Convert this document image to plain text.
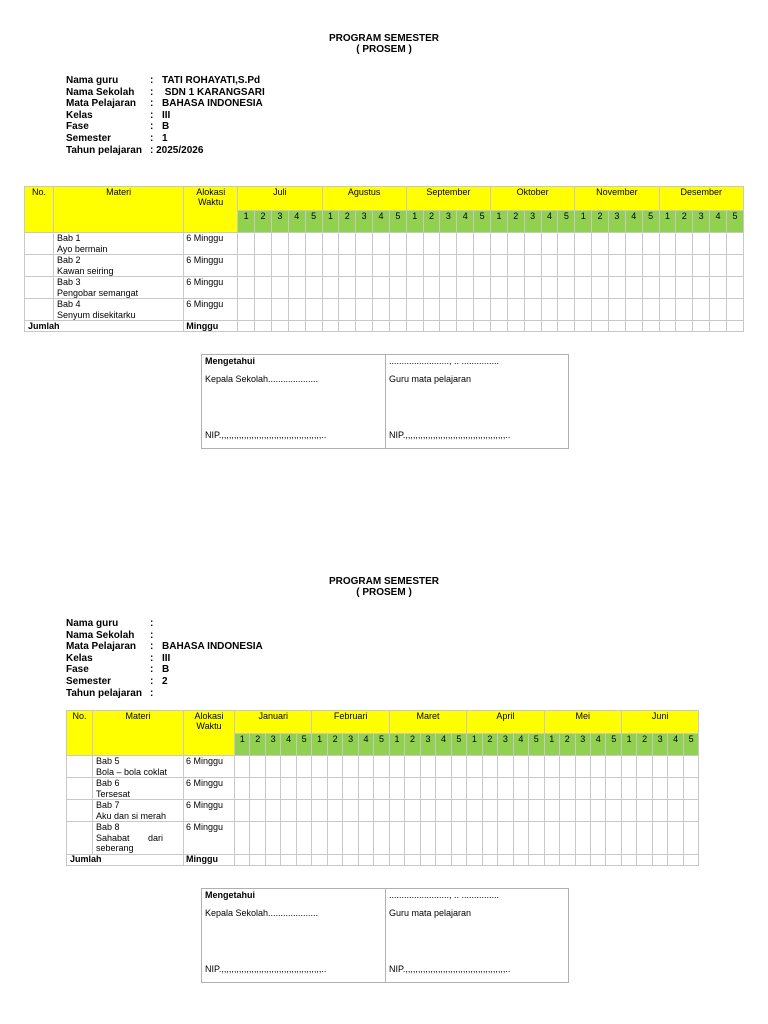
PROGRAM SEMESTER
( PROSEM )
Nama guru	: TATI ROHAYATI,S.Pd
Nama Sekolah	: SDN 1 KARANGSARI
Mata Pelajaran	: BAHASA INDONESIA
Kelas	: III
Fase	: B
Semester	: 1
Tahun pelajaran : 2025/2026
No.	Materi	Alokasi Waktu	Juli					Agustus					September					Oktober					November					Desember				
			1	2	3	4	5	1	2	3	4	5	1	2	3	4	5	1	2	3	4	5	1	2	3	4	5	1	2	3	4	5

	Bab 1
Ayo bermain	6 Minggu																														

	Bab 2
Kawan seiring	6 Minggu																														

	Bab 3
Pengobar semangat	6 Minggu																														

	Bab 4
Senyum disekitarku	6 Minggu																														
Jumlah		Minggu																														
Mengetahui
Kepala Sekolah....................
NIP.,,,,,,,,,,,,,,,,,,,,,,,,,,,,,,,,,,,,,,,,..
........................, .. ...............
Guru mata pelajaran
NIP.,,,,,,,,,,,,,,,,,,,,,,,,,,,,,,,,,,,,,,,,..
PROGRAM SEMESTER
( PROSEM )
Nama guru	:
Nama Sekolah	:
Mata Pelajaran	: BAHASA INDONESIA
Kelas	: III
Fase	: B
Semester	: 2
Tahun pelajaran :
No.	Materi	Alokasi Waktu	Januari					Februari					Maret					April					Mei					Juni				
			1	2	3	4	5	1	2	3	4	5	1	2	3	4	5	1	2	3	4	5	1	2	3	4	5	1	2	3	4	5

	Bab 5
Bola – bola coklat	6 Minggu																														

	Bab 6
Tersesat	6 Minggu																														

	Bab 7
Aku dan si merah	6 Minggu																														

	Bab 8
Sahabat dari seberang	6 Minggu																														
Jumlah		Minggu																														
Mengetahui
Kepala Sekolah....................
NIP.,,,,,,,,,,,,,,,,,,,,,,,,,,,,,,,,,,,,,,,,..
........................, .. ...............
Guru mata pelajaran
NIP.,,,,,,,,,,,,,,,,,,,,,,,,,,,,,,,,,,,,,,,,..
